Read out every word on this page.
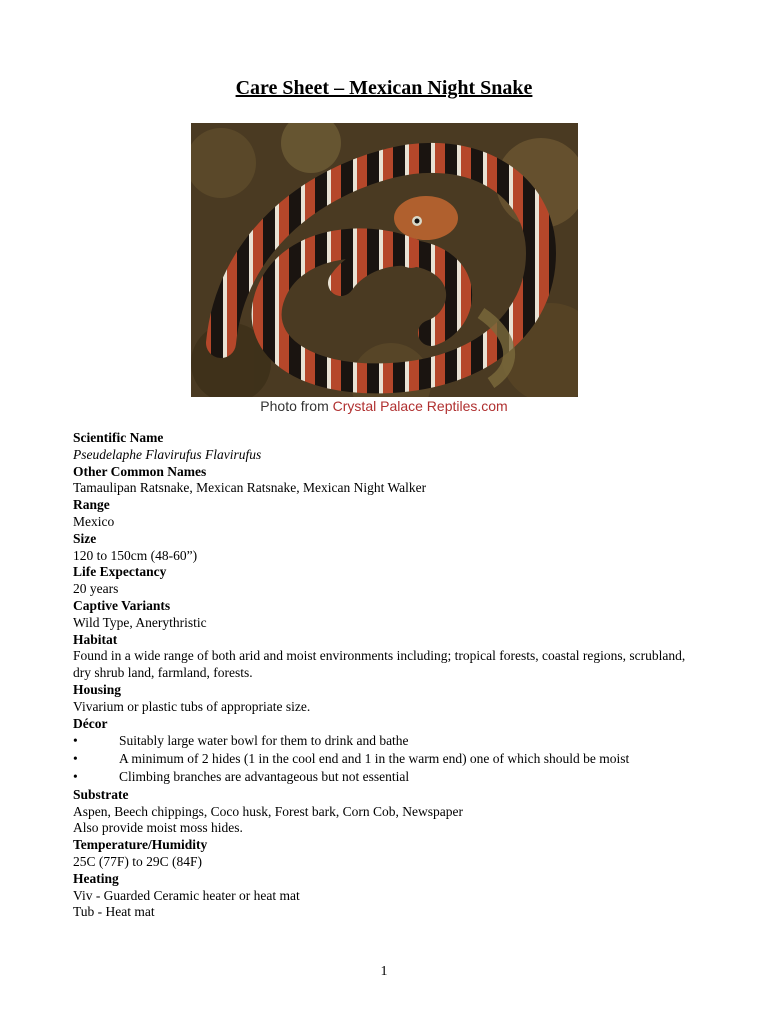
Care Sheet – Mexican Night Snake
Photo from Crystal Palace Reptiles.com
Scientific Name
Pseudelaphe Flavirufus Flavirufus
Other Common Names
Tamaulipan Ratsnake, Mexican Ratsnake, Mexican Night Walker
Range
Mexico
Size
120 to 150cm (48-60”)
Life Expectancy
20 years
Captive Variants
Wild Type, Anerythristic
Habitat
Found in a wide range of both arid and moist environments including; tropical forests, coastal regions, scrubland, dry shrub land, farmland, forests.
Housing
Vivarium or plastic tubs of appropriate size.
Décor
•	Suitably large water bowl for them to drink and bathe
•	A minimum of 2 hides (1 in the cool end and 1 in the warm end) one of which should be moist
•	Climbing branches are advantageous but not essential
Substrate
Aspen, Beech chippings, Coco husk, Forest bark, Corn Cob, Newspaper
Also provide moist moss hides.
Temperature/Humidity
25C (77F) to 29C (84F)
Heating
Viv - Guarded Ceramic heater or heat mat
Tub - Heat mat
1
